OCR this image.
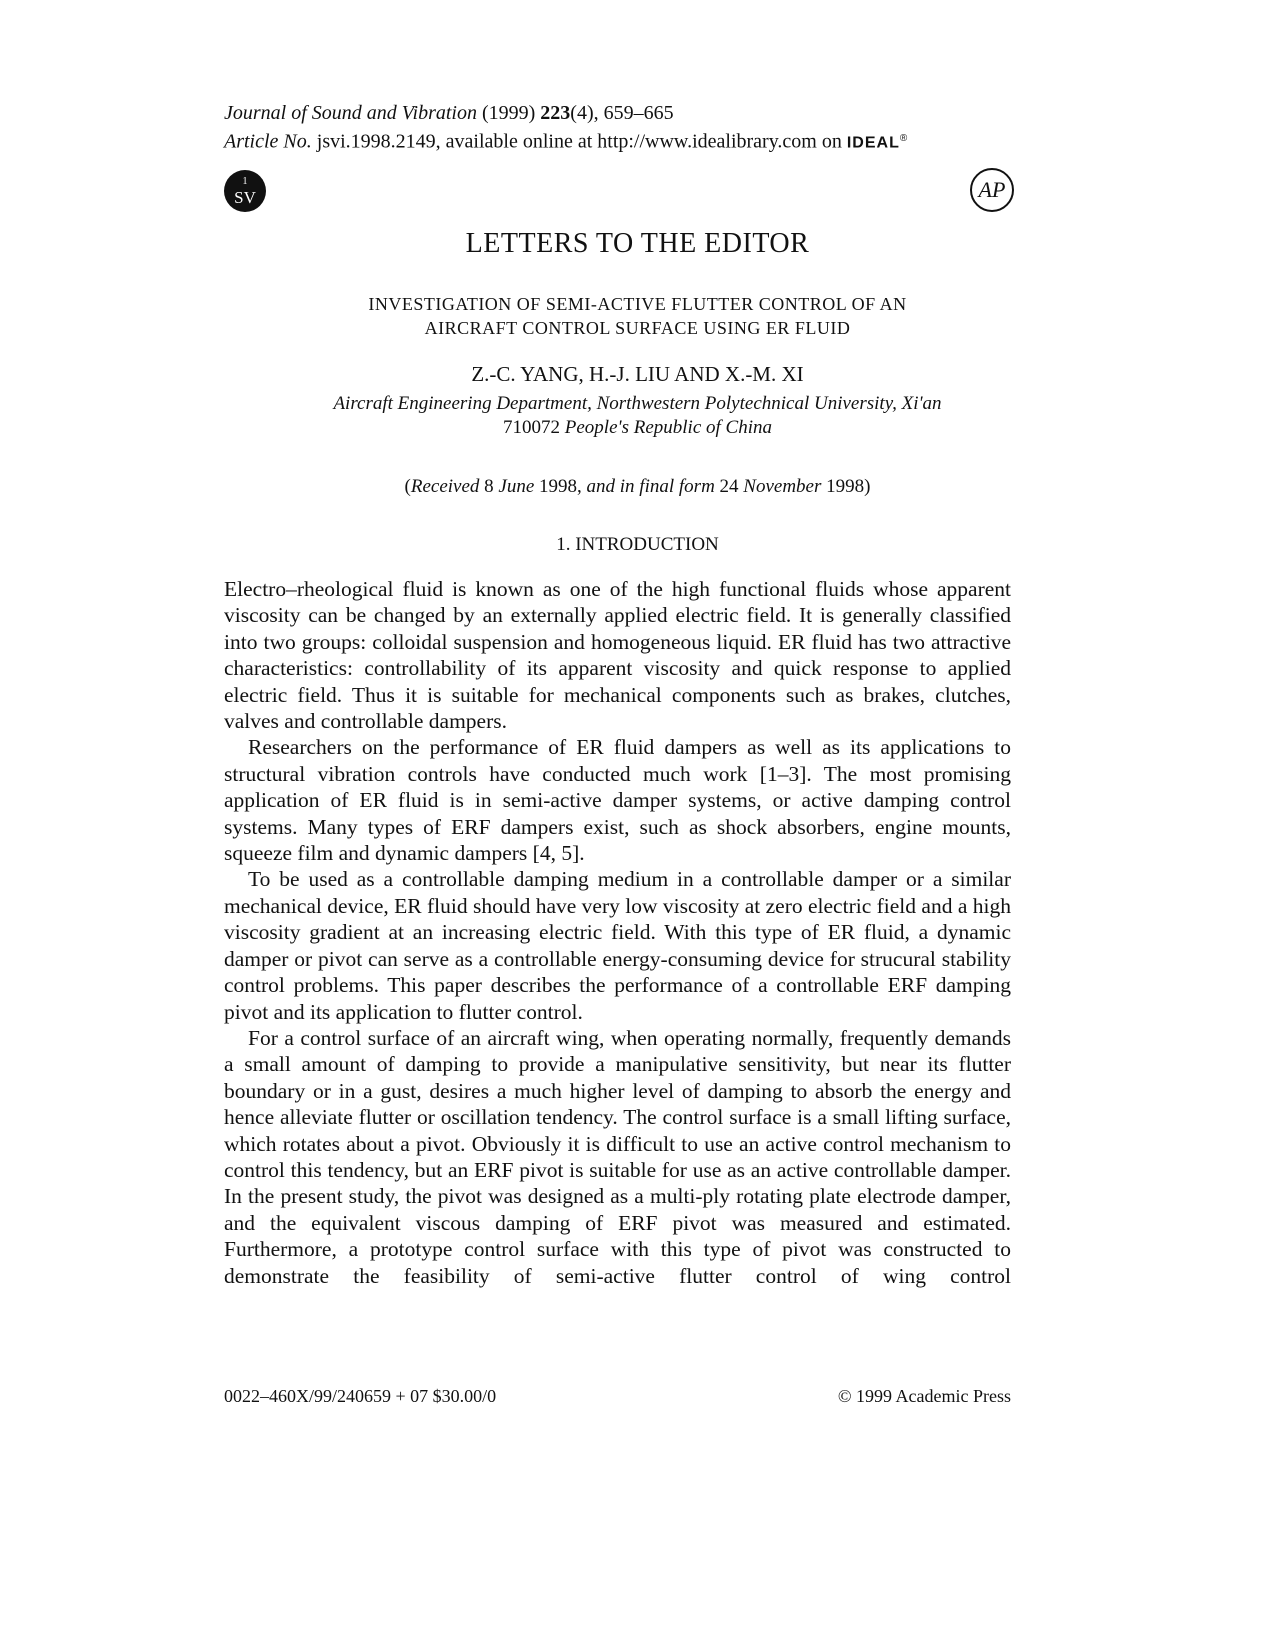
Journal of Sound and Vibration (1999) 223(4), 659–665
Article No. jsvi.1998.2149, available online at http://www.idealibrary.com on IDEAL®
1
SV	AP
LETTERS TO THE EDITOR
INVESTIGATION OF SEMI-ACTIVE FLUTTER CONTROL OF AN
AIRCRAFT CONTROL SURFACE USING ER FLUID
Z.-C. YANG, H.-J. LIU AND X.-M. XI
Aircraft Engineering Department, Northwestern Polytechnical University, Xi'an
710072 People's Republic of China
(Received 8 June 1998, and in final form 24 November 1998)
1. INTRODUCTION

Electro–rheological fluid is known as one of the high functional fluids whose apparent viscosity can be changed by an externally applied electric field. It is generally classified into two groups: colloidal suspension and homogeneous liquid. ER fluid has two attractive characteristics: controllability of its apparent viscosity and quick response to applied electric field. Thus it is suitable for mechanical components such as brakes, clutches, valves and controllable dampers.

Researchers on the performance of ER fluid dampers as well as its applications to structural vibration controls have conducted much work [1–3]. The most promising application of ER fluid is in semi-active damper systems, or active damping control systems. Many types of ERF dampers exist, such as shock absorbers, engine mounts, squeeze film and dynamic dampers [4, 5].

To be used as a controllable damping medium in a controllable damper or a similar mechanical device, ER fluid should have very low viscosity at zero electric field and a high viscosity gradient at an increasing electric field. With this type of ER fluid, a dynamic damper or pivot can serve as a controllable energy-consuming device for strucural stability control problems. This paper describes the performance of a controllable ERF damping pivot and its application to flutter control.

For a control surface of an aircraft wing, when operating normally, frequently demands a small amount of damping to provide a manipulative sensitivity, but near its flutter boundary or in a gust, desires a much higher level of damping to absorb the energy and hence alleviate flutter or oscillation tendency. The control surface is a small lifting surface, which rotates about a pivot. Obviously it is difficult to use an active control mechanism to control this tendency, but an ERF pivot is suitable for use as an active controllable damper. In the present study, the pivot was designed as a multi-ply rotating plate electrode damper, and the equivalent viscous damping of ERF pivot was measured and estimated. Furthermore, a prototype control surface with this type of pivot was constructed to demonstrate the feasibility of semi-active flutter control of wing control

0022–460X/99/240659 + 07 $30.00/0	© 1999 Academic Press
